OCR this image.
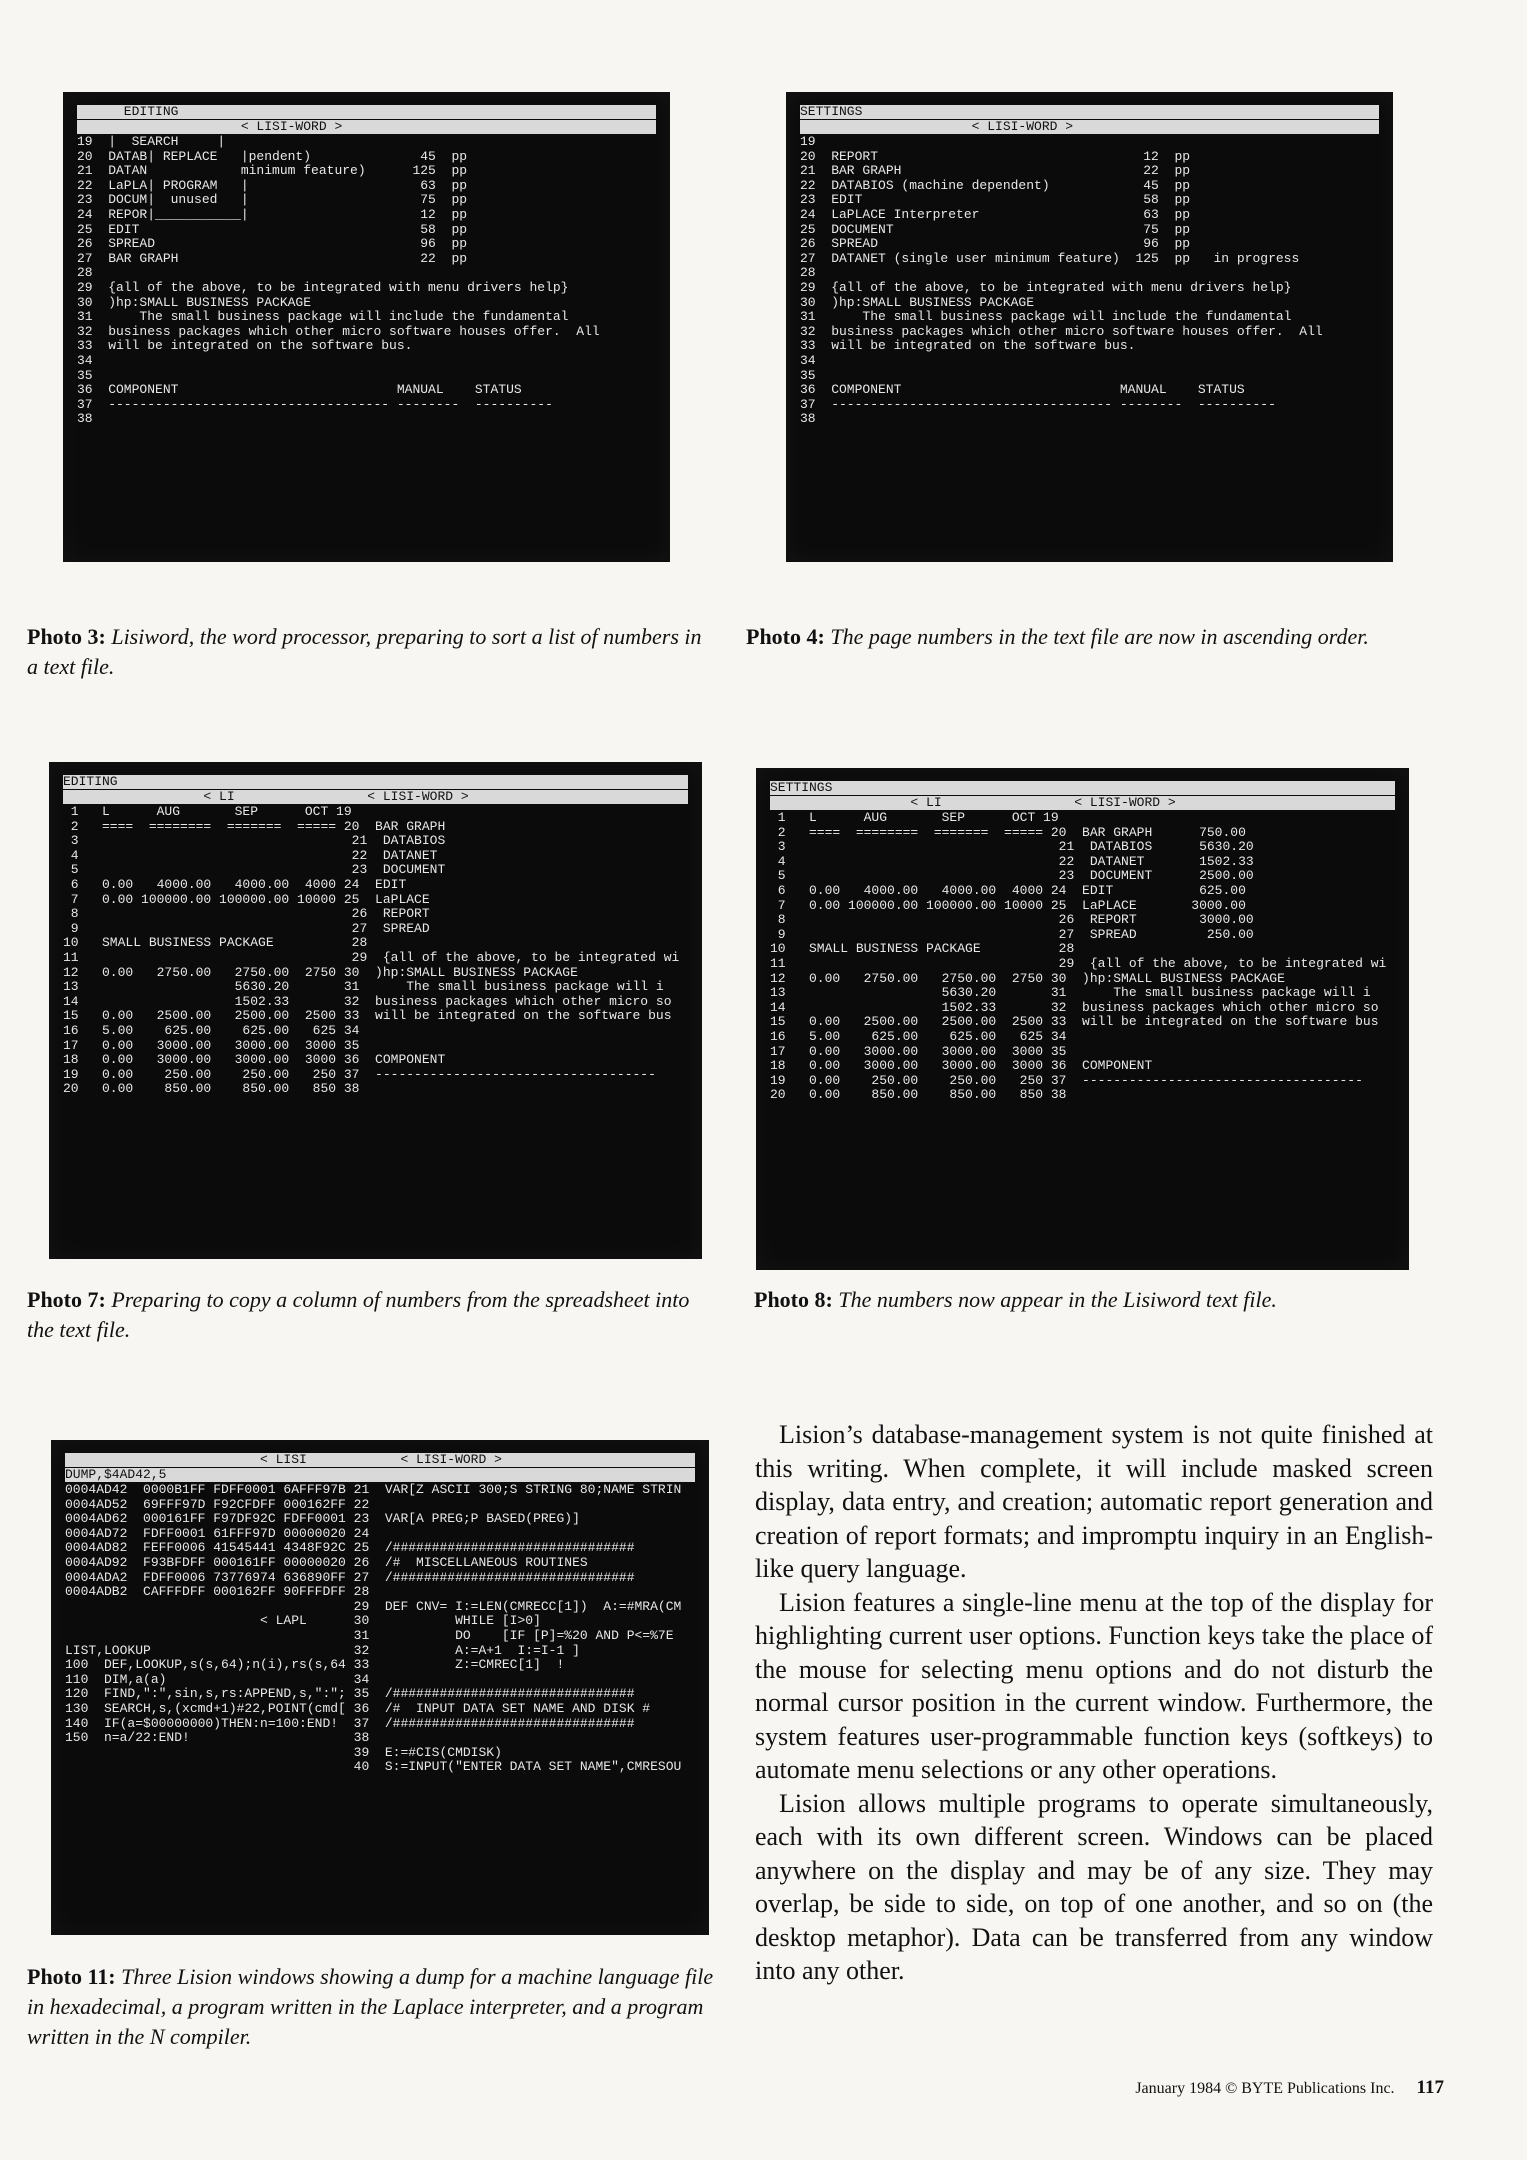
EDITING
< LISI-WORD >
19  |  SEARCH     |
20  DATAB| REPLACE   |pendent)              45  pp
21  DATAN            minimum feature)      125  pp
22  LaPLA| PROGRAM   |                      63  pp
23  DOCUM|  unused   |                      75  pp
24  REPOR|___________|                      12  pp
25  EDIT                                    58  pp
26  SPREAD                                  96  pp
27  BAR GRAPH                               22  pp
28
29  {all of the above, to be integrated with menu drivers help}
30  )hp:SMALL BUSINESS PACKAGE
31      The small business package will include the fundamental
32  business packages which other micro software houses offer.  All
33  will be integrated on the software bus.
34
35
36  COMPONENT                            MANUAL    STATUS
37  ------------------------------------ --------  ----------
38
Photo 3: Lisiword, the word processor, preparing to sort a list of numbers in a text file.
SETTINGS
< LISI-WORD >
19
20  REPORT                                  12  pp
21  BAR GRAPH                               22  pp
22  DATABIOS (machine dependent)            45  pp
23  EDIT                                    58  pp
24  LaPLACE Interpreter                     63  pp
25  DOCUMENT                                75  pp
26  SPREAD                                  96  pp
27  DATANET (single user minimum feature)  125  pp   in progress
28
29  {all of the above, to be integrated with menu drivers help}
30  )hp:SMALL BUSINESS PACKAGE
31      The small business package will include the fundamental
32  business packages which other micro software houses offer.  All
33  will be integrated on the software bus.
34
35
36  COMPONENT                            MANUAL    STATUS
37  ------------------------------------ --------  ----------
38
Photo 4: The page numbers in the text file are now in ascending order.
EDITING
< LI                 < LISI-WORD >
1   L      AUG       SEP      OCT 19
2   ====  ========  =======  ===== 20  BAR GRAPH
3                                   21  DATABIOS
4                                   22  DATANET
5                                   23  DOCUMENT
6   0.00   4000.00   4000.00  4000 24  EDIT
7   0.00 100000.00 100000.00 10000 25  LaPLACE
8                                   26  REPORT
9                                   27  SPREAD
10   SMALL BUSINESS PACKAGE          28
11                                   29  {all of the above, to be integrated wi
12   0.00   2750.00   2750.00  2750 30  )hp:SMALL BUSINESS PACKAGE
13                    5630.20       31      The small business package will i
14                    1502.33       32  business packages which other micro so
15   0.00   2500.00   2500.00  2500 33  will be integrated on the software bus
16   5.00    625.00    625.00   625 34
17   0.00   3000.00   3000.00  3000 35
18   0.00   3000.00   3000.00  3000 36  COMPONENT
19   0.00    250.00    250.00   250 37  ------------------------------------
20   0.00    850.00    850.00   850 38
Photo 7: Preparing to copy a column of numbers from the spreadsheet into the text file.
SETTINGS
< LI                 < LISI-WORD >
1   L      AUG       SEP      OCT 19
2   ====  ========  =======  ===== 20  BAR GRAPH      750.00
3                                   21  DATABIOS      5630.20
4                                   22  DATANET       1502.33
5                                   23  DOCUMENT      2500.00
6   0.00   4000.00   4000.00  4000 24  EDIT           625.00
7   0.00 100000.00 100000.00 10000 25  LaPLACE       3000.00
8                                   26  REPORT        3000.00
9                                   27  SPREAD         250.00
10   SMALL BUSINESS PACKAGE          28
11                                   29  {all of the above, to be integrated wi
12   0.00   2750.00   2750.00  2750 30  )hp:SMALL BUSINESS PACKAGE
13                    5630.20       31      The small business package will i
14                    1502.33       32  business packages which other micro so
15   0.00   2500.00   2500.00  2500 33  will be integrated on the software bus
16   5.00    625.00    625.00   625 34
17   0.00   3000.00   3000.00  3000 35
18   0.00   3000.00   3000.00  3000 36  COMPONENT
19   0.00    250.00    250.00   250 37  ------------------------------------
20   0.00    850.00    850.00   850 38
Photo 8: The numbers now appear in the Lisiword text file.
< LISI            < LISI-WORD >
DUMP,$4AD42,5
0004AD42  0000B1FF FDFF0001 6AFFF97B 21  VAR[Z ASCII 300;S STRING 80;NAME STRIN
0004AD52  69FFF97D F92CFDFF 000162FF 22
0004AD62  000161FF F97DF92C FDFF0001 23  VAR[A PREG;P BASED(PREG)]
0004AD72  FDFF0001 61FFF97D 00000020 24
0004AD82  FEFF0006 41545441 4348F92C 25  /###############################
0004AD92  F93BFDFF 000161FF 00000020 26  /#  MISCELLANEOUS ROUTINES
0004ADA2  FDFF0006 73776974 636890FF 27  /###############################
0004ADB2  CAFFFDFF 000162FF 90FFFDFF 28
29  DEF CNV= I:=LEN(CMRECC[1])  A:=#MRA(CM
< LAPL      30           WHILE [I>0]
31           DO    [IF [P]=%20 AND P<=%7E
LIST,LOOKUP                          32           A:=A+1  I:=I-1 ]
100  DEF,LOOKUP,s(s,64);n(i),rs(s,64 33           Z:=CMREC[1]  !
110  DIM,a(a)                        34
120  FIND,":",sin,s,rs:APPEND,s,":"; 35  /###############################
130  SEARCH,s,(xcmd+1)#22,POINT(cmd[ 36  /#  INPUT DATA SET NAME AND DISK #
140  IF(a=$00000000)THEN:n=100:END!  37  /###############################
150  n=a/22:END!                     38
39  E:=#CIS(CMDISK)
40  S:=INPUT("ENTER DATA SET NAME",CMRESOU
Photo 11: Three Lision windows showing a dump for a machine language file in hexadecimal, a program written in the Laplace interpreter, and a program written in the N compiler.

Lision’s database-management system is not quite finished at this writing. When complete, it will include masked screen display, data entry, and creation; automatic report generation and creation of report formats; and impromptu inquiry in an English-like query language.

Lision features a single-line menu at the top of the display for highlighting current user options. Function keys take the place of the mouse for selecting menu options and do not disturb the normal cursor position in the current window. Furthermore, the system features user-programmable function keys (softkeys) to automate menu selections or any other operations.

Lision allows multiple programs to operate simultaneously, each with its own different screen. Windows can be placed anywhere on the display and may be of any size. They may overlap, be side to side, on top of one another, and so on (the desktop metaphor). Data can be transferred from any window into any other.

January 1984 © BYTE Publications Inc. 117
